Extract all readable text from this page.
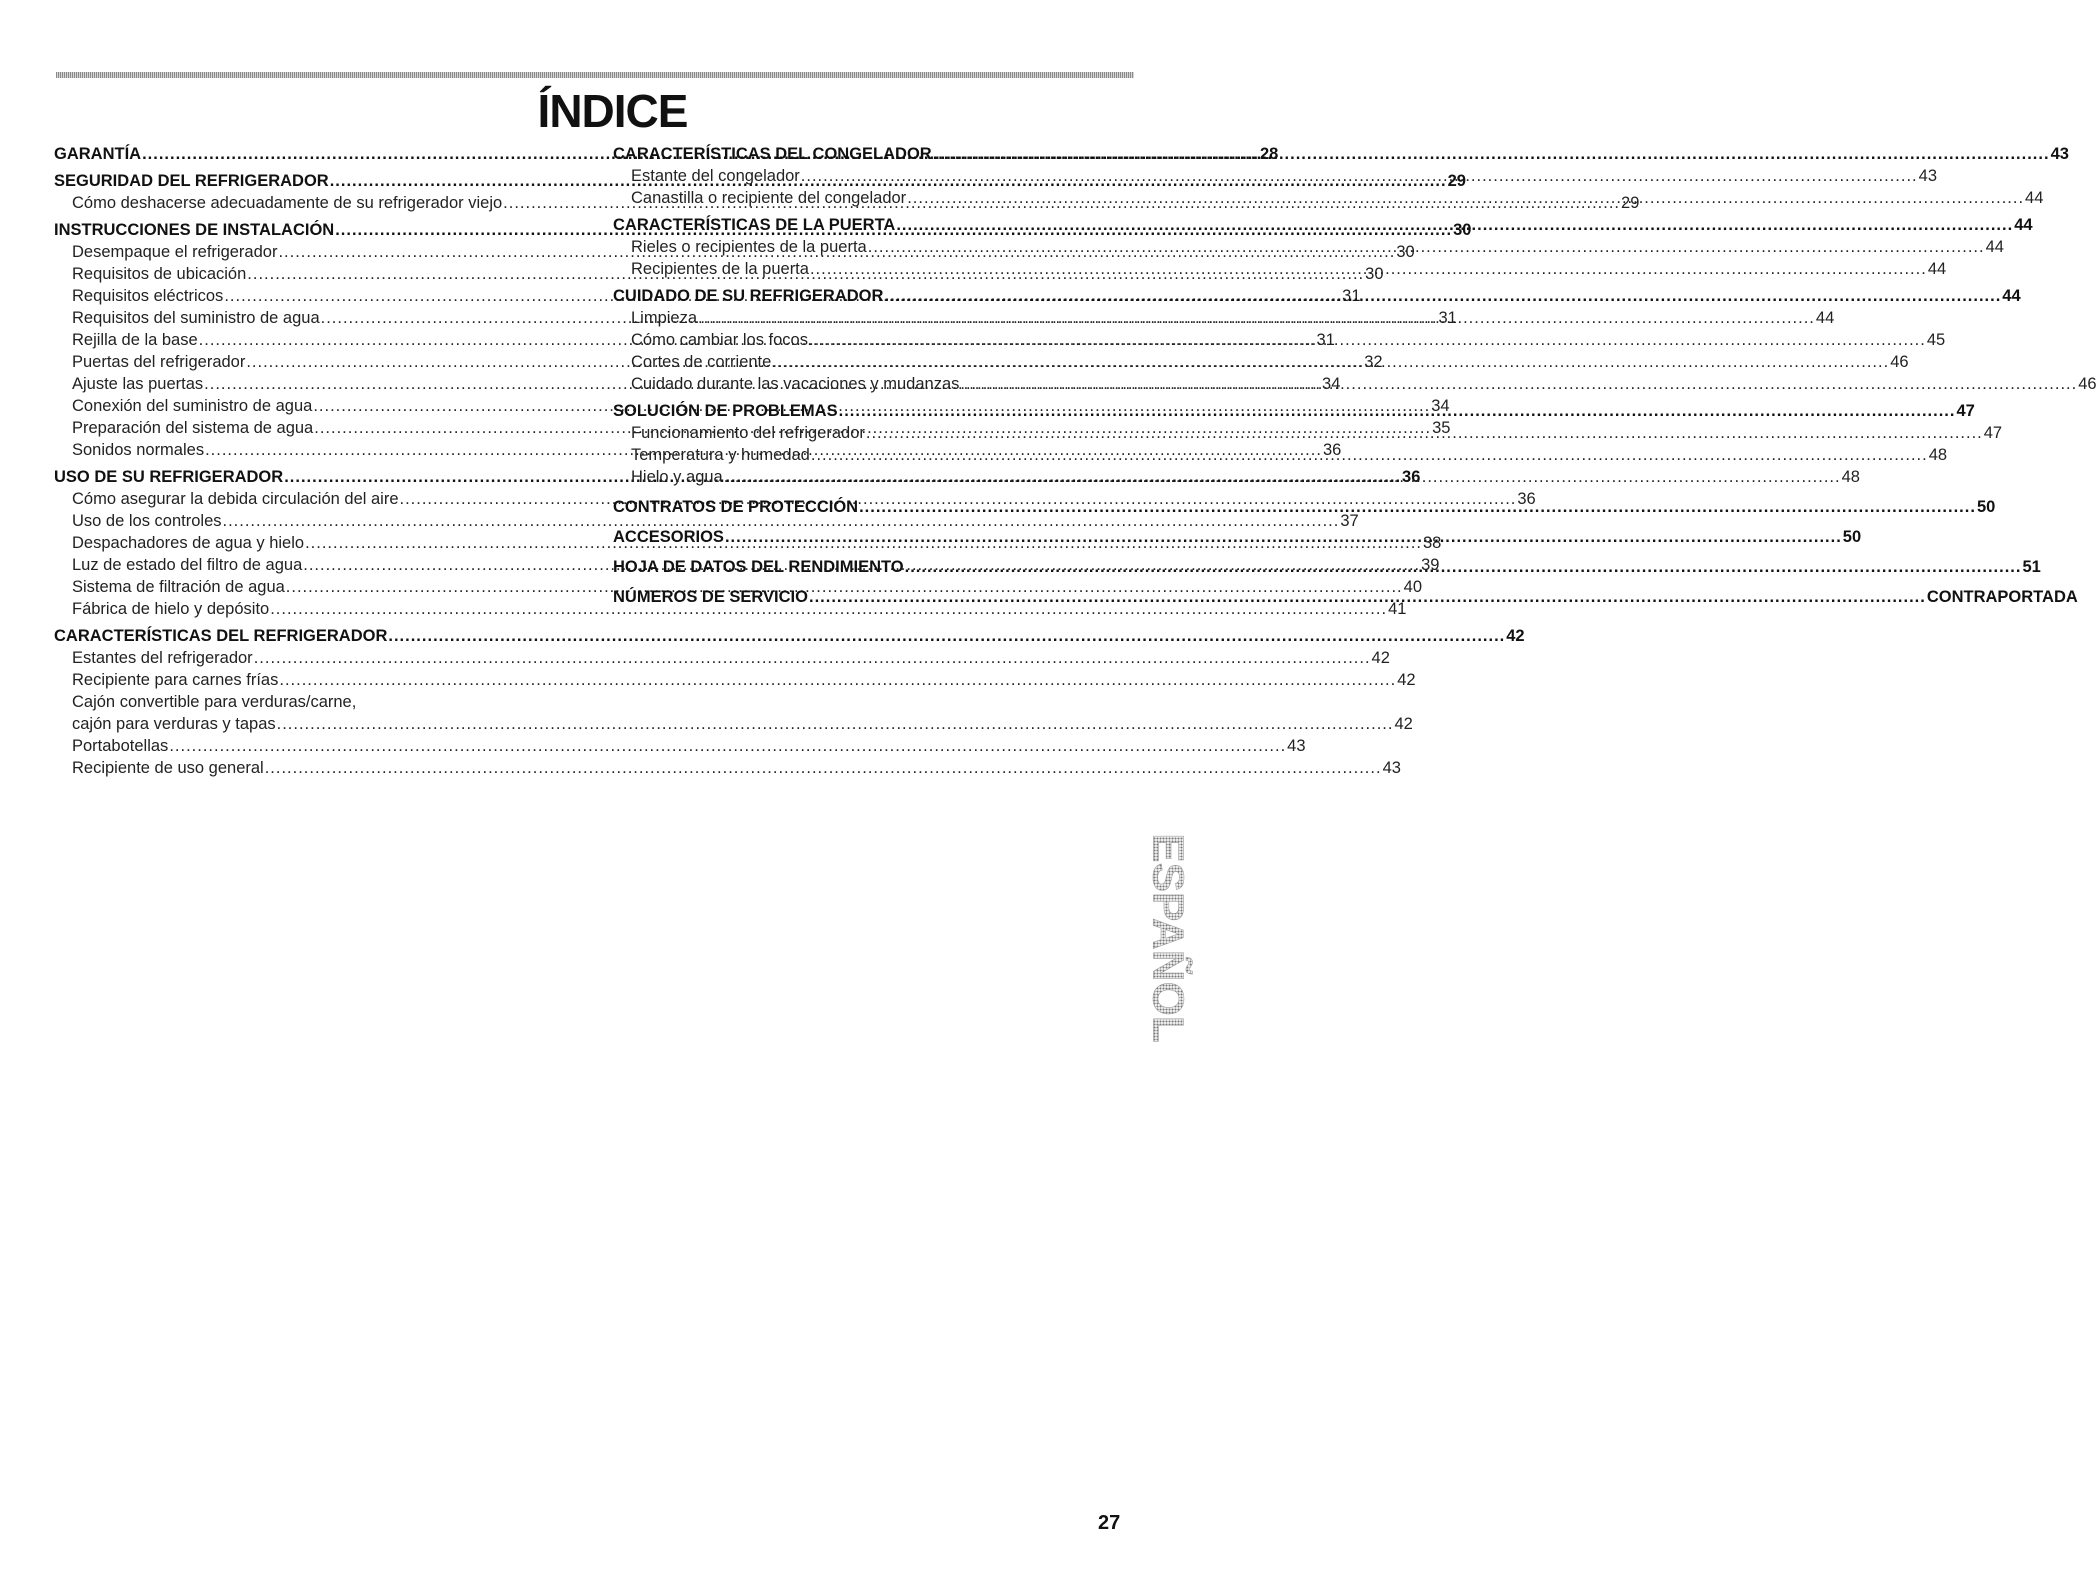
ÍNDICE
GARANTÍA .....	28
SEGURIDAD DEL REFRIGERADOR .....	29
Cómo deshacerse adecuadamente de su refrigerador viejo .....	29
INSTRUCCIONES DE INSTALACIÓN .....	30
Desempaque el refrigerador .....	30
Requisitos de ubicación .....	30
Requisitos eléctricos .....	31
Requisitos del suministro de agua .....	31
Rejilla de la base .....	31
Puertas del refrigerador .....	32
Ajuste las puertas .....	34
Conexión del suministro de agua .....	34
Preparación del sistema de agua .....	35
Sonidos normales .....	36
USO DE SU REFRIGERADOR .....	36
Cómo asegurar la debida circulación del aire .....	36
Uso de los controles .....	37
Despachadores de agua y hielo .....	38
Luz de estado del filtro de agua .....	39
Sistema de filtración de agua .....	40
Fábrica de hielo y depósito .....	41
CARACTERÍSTICAS DEL REFRIGERADOR .....	42
Estantes del refrigerador .....	42
Recipiente para carnes frías .....	42
Cajón convertible para verduras/carne,
cajón para verduras y tapas .....	42
Portabotellas .....	43
Recipiente de uso general .....	43
CARACTERÍSTICAS DEL CONGELADOR .....	43
Estante del congelador .....	43
Canastilla o recipiente del congelador .....	44
CARACTERÍSTICAS DE LA PUERTA .....	44
Rieles o recipientes de la puerta .....	44
Recipientes de la puerta .....	44
CUIDADO DE SU REFRIGERADOR .....	44
Limpieza .....	44
Cómo cambiar los focos .....	45
Cortes de corriente .....	46
Cuidado durante las vacaciones y mudanzas .....	46
SOLUCIÓN DE PROBLEMAS .....	47
Funcionamiento del refrigerador .....	47
Temperatura y humedad .....	48
Hielo y agua .....	48
CONTRATOS DE PROTECCIÓN .....	50
ACCESORIOS .....	50
HOJA DE DATOS DEL RENDIMIENTO .....	51
NÚMEROS DE SERVICIO .....	CONTRAPORTADA
ESPAÑOL
27
